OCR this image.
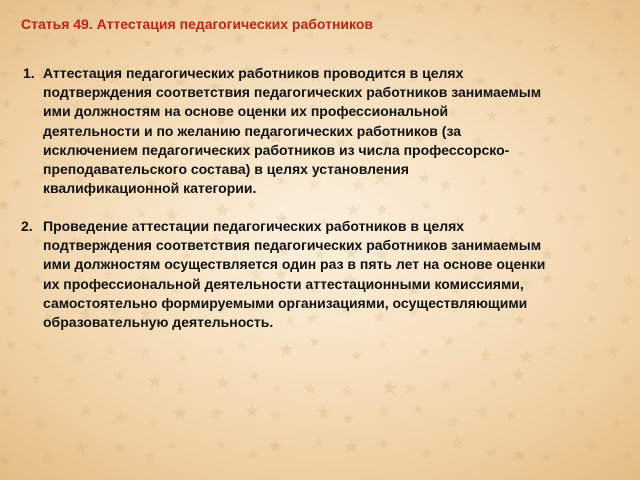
Статья 49. Аттестация педагогических работников
1. Аттестация педагогических работников проводится в целях
подтверждения соответствия педагогических работников занимаемым
ими должностям на основе оценки их профессиональной
деятельности и по желанию педагогических работников (за
исключением педагогических работников из числа профессорско-
преподавательского состава) в целях установления
квалификационной категории.
2. Проведение аттестации педагогических работников в целях
подтверждения соответствия педагогических работников занимаемым
ими должностям осуществляется один раз в пять лет на основе оценки
их профессиональной деятельности аттестационными комиссиями,
самостоятельно формируемыми организациями, осуществляющими
образовательную деятельность.
